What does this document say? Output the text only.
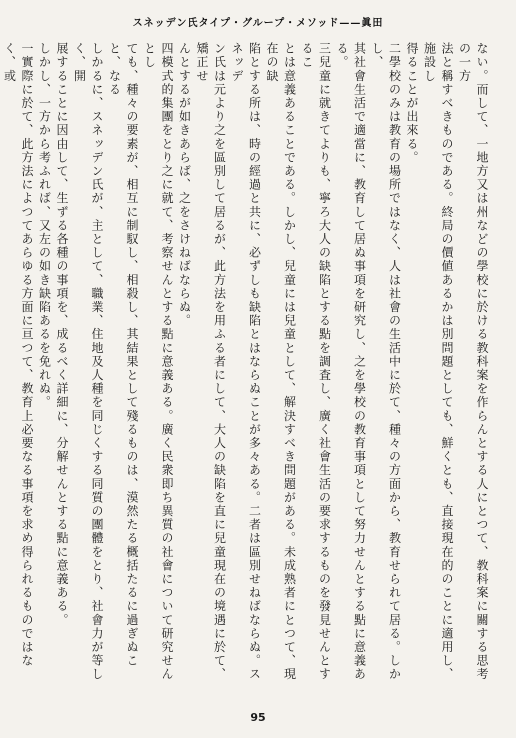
スネッデン氏タイプ・グループ・メソッド——眞田

ない。而して、一地方又は州などの學校に於ける教科案を作らんとする人にとつて、教科案に關する思考の一方

法と稱すべきものである。終局の價値あるかは別問題としても、鮮くとも、直接現在的のことに適用し、施設し

得ることが出來る。

二學校のみは教育の場所ではなく、人は社會の生活中に於て、種々の方面から、教育せられて居る。しかし、

其社會生活で適當に、教育して居ぬ事項を研究し、之を學校の教育事項として努力せんとする點に意義ある。

三兒童に就きてよりも、寧ろ大人の缺陷とする點を調査し、廣く社會生活の要求するものを發見せんとするこ

とは意義あることである。しかし、兒童には兒童として、解決すべき問題がある。未成熟者にとつて、現在の缺

陷とする所は、時の經過と共に、必ずしも缺陷とはならぬことが多々ある。二者は區別せねばならぬ。スネッデ

ン氏は元より之を區別して居るが、此方法を用ふる者にして、大人の缺陷を直に兒童現在の境遇に於て、矯正せ

んとするが如きあらば、之をさけねばならぬ。

四模式的集團をとり之に就て、考察せんとする點に意義ある。廣く民衆即ち異質の社會について研究せんとし

ても、種々の要素が、相互に制馭し、相殺し、其結果として殘るものは、漠然たる概括たるに過ぎぬこと、なる

しかるに、スネッデン氏が、主として、職業、住地及人種を同じくする同質の團體をとり、社會力が等しく、開

展することに因由して、生ずる各種の事項を、成るべく詳細に、分解せんとする點に意義ある。

しかし、一方から考ふれば、又左の如き缺陷あるを免れぬ。

一實際に於て、此方法によつてあらゆる方面に亘つて、教育上必要なる事項を求め得られるものではなく、或

95
